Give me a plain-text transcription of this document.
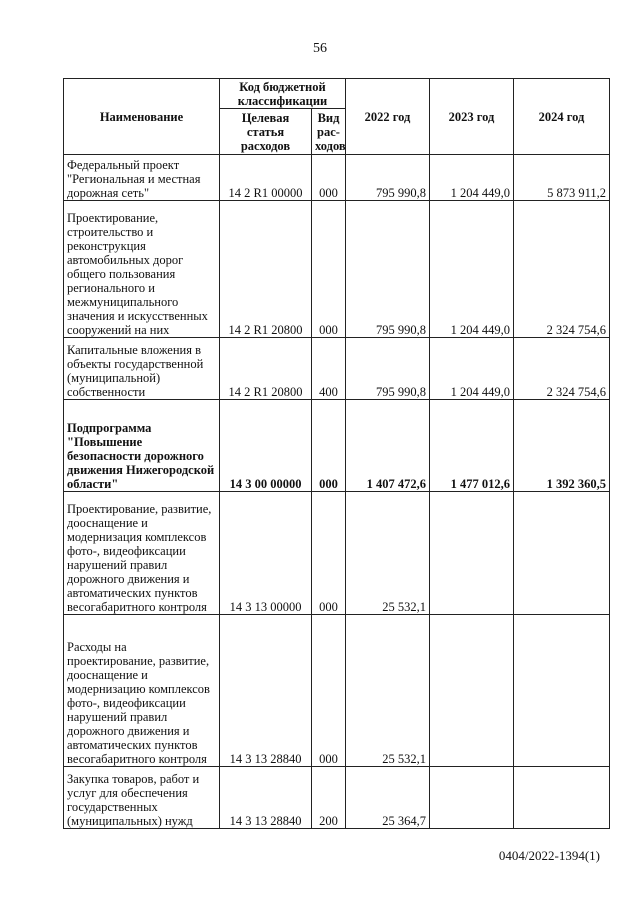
56
Наименование	Код бюджетной классификации		2022 год	2023 год	2024 год
	Целевая статья расходов	Вид рас-ходов			
Федеральный проект "Региональная и местная дорожная сеть"	14 2 R1 00000	000	795 990,8	1 204 449,0	5 873 911,2
Проектирование, строительство и реконструкция автомобильных дорог общего пользования регионального и межмуниципального значения и искусственных сооружений на них	14 2 R1 20800	000	795 990,8	1 204 449,0	2 324 754,6
Капитальные вложения в объекты государственной (муниципальной) собственности	14 2 R1 20800	400	795 990,8	1 204 449,0	2 324 754,6
Подпрограмма "Повышение безопасности дорожного движения Нижегородской области"	14 3 00 00000	000	1 407 472,6	1 477 012,6	1 392 360,5
Проектирование, развитие, дооснащение и модернизация комплексов фото-, видеофиксации нарушений правил дорожного движения и автоматических пунктов весогабаритного контроля	14 3 13 00000	000	25 532,1		
Расходы на проектирование, развитие, дооснащение и модернизацию комплексов фото-, видеофиксации нарушений правил дорожного движения и автоматических пунктов весогабаритного контроля	14 3 13 28840	000	25 532,1		
Закупка товаров, работ и услуг для обеспечения государственных (муниципальных) нужд	14 3 13 28840	200	25 364,7		
0404/2022-1394(1)
